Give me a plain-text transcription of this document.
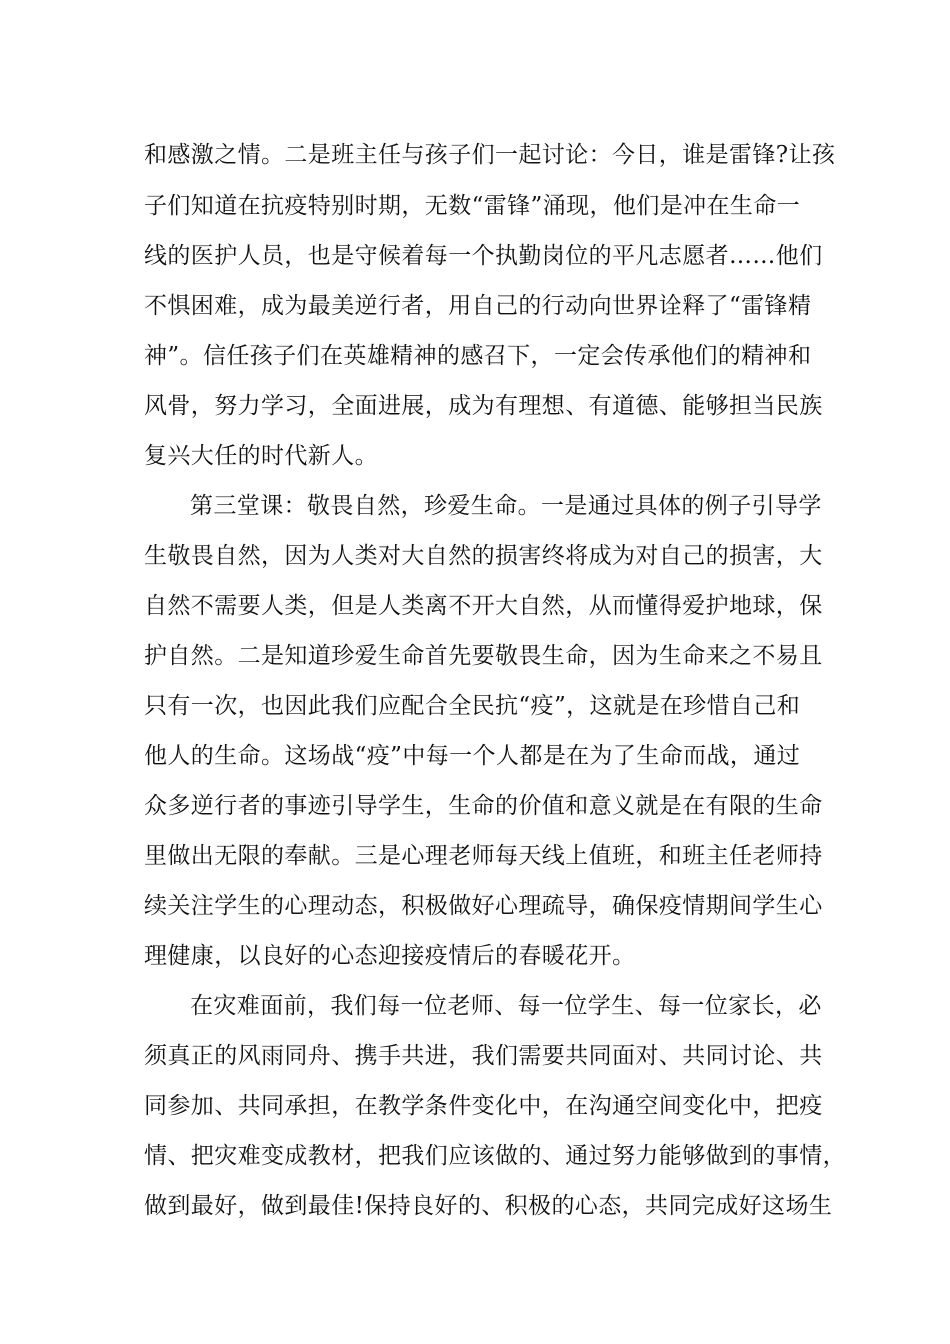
和感激之情。二是班主任与孩子们一起讨论：今日，谁是雷锋?让孩

子们知道在抗疫特别时期，无数“雷锋”涌现，他们是冲在生命一

线的医护人员，也是守候着每一个执勤岗位的平凡志愿者……他们

不惧困难，成为最美逆行者，用自己的行动向世界诠释了“雷锋精

神”。信任孩子们在英雄精神的感召下，一定会传承他们的精神和

风骨，努力学习，全面进展，成为有理想、有道德、能够担当民族

复兴大任的时代新人。

第三堂课：敬畏自然，珍爱生命。一是通过具体的例子引导学

生敬畏自然，因为人类对大自然的损害终将成为对自己的损害，大

自然不需要人类，但是人类离不开大自然，从而懂得爱护地球，保

护自然。二是知道珍爱生命首先要敬畏生命，因为生命来之不易且

只有一次，也因此我们应配合全民抗“疫”，这就是在珍惜自己和

他人的生命。这场战“疫”中每一个人都是在为了生命而战，通过

众多逆行者的事迹引导学生，生命的价值和意义就是在有限的生命

里做出无限的奉献。三是心理老师每天线上值班，和班主任老师持

续关注学生的心理动态，积极做好心理疏导，确保疫情期间学生心

理健康，以良好的心态迎接疫情后的春暖花开。

在灾难面前，我们每一位老师、每一位学生、每一位家长，必

须真正的风雨同舟、携手共进，我们需要共同面对、共同讨论、共

同参加、共同承担，在教学条件变化中，在沟通空间变化中，把疫

情、把灾难变成教材，把我们应该做的、通过努力能够做到的事情，

做到最好，做到最佳!保持良好的、积极的心态，共同完成好这场生
